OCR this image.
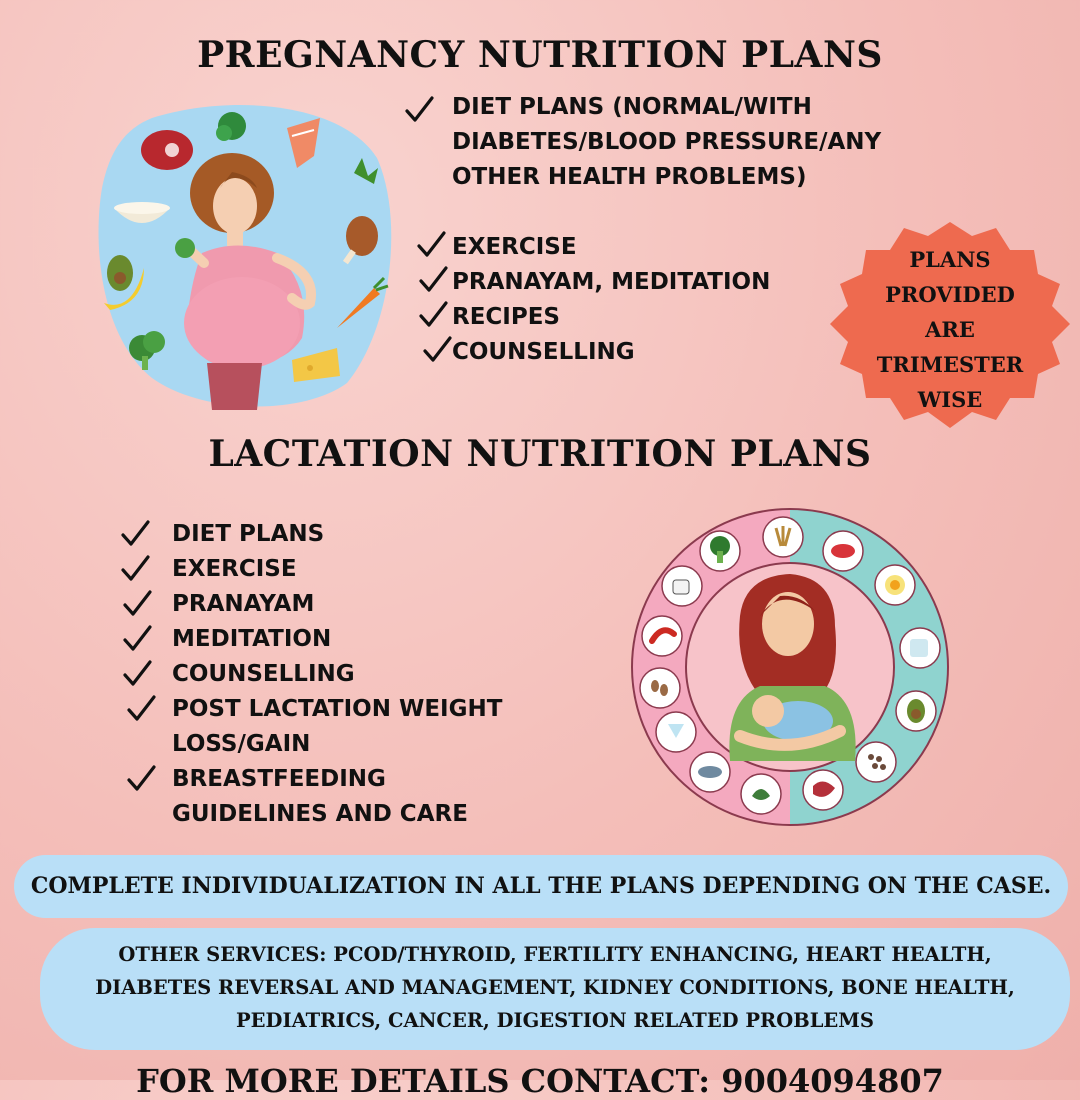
PREGNANCY NUTRITION PLANS
LACTATION NUTRITION PLANS
DIET PLANS (NORMAL/WITH DIABETES/BLOOD PRESSURE/ANY OTHER HEALTH PROBLEMS)
EXERCISE
PRANAYAM, MEDITATION
RECIPES
COUNSELLING
PLANS PROVIDED ARE TRIMESTER WISE
DIET PLANS
EXERCISE
PRANAYAM
MEDITATION
COUNSELLING
POST LACTATION WEIGHT LOSS/GAIN
BREASTFEEDING GUIDELINES AND CARE
COMPLETE INDIVIDUALIZATION IN ALL THE PLANS DEPENDING ON THE CASE.
OTHER SERVICES: PCOD/THYROID, FERTILITY ENHANCING, HEART HEALTH, DIABETES REVERSAL AND MANAGEMENT, KIDNEY CONDITIONS, BONE HEALTH, PEDIATRICS, CANCER, DIGESTION RELATED PROBLEMS
FOR MORE DETAILS CONTACT: 9004094807
